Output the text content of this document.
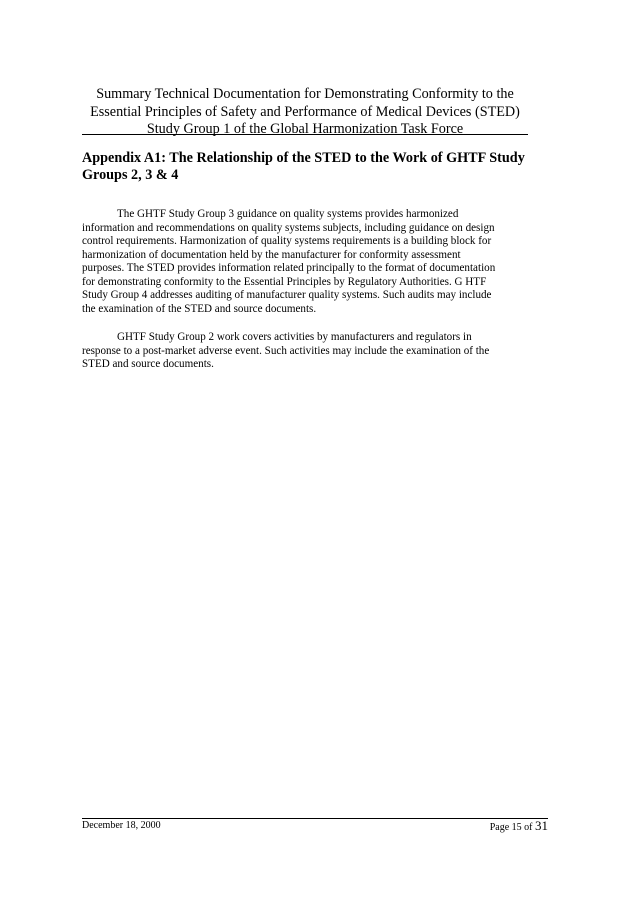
Summary Technical Documentation for Demonstrating Conformity to the
Essential Principles of Safety and Performance of Medical Devices (STED)
Study Group 1 of the Global Harmonization Task Force
Appendix A1: The Relationship of the STED to the Work of GHTF Study
Groups 2, 3 & 4

The GHTF Study Group 3 guidance on quality systems provides harmonized
information and recommendations on quality systems subjects, including guidance on design
control requirements. Harmonization of quality systems requirements is a building block for
harmonization of documentation held by the manufacturer for conformity assessment
purposes. The STED provides information related principally to the format of documentation
for demonstrating conformity to the Essential Principles by Regulatory Authorities. G HTF
Study Group 4 addresses auditing of manufacturer quality systems. Such audits may include
the examination of the STED and source documents.

GHTF Study Group 2 work covers activities by manufacturers and regulators in
response to a post-market adverse event. Such activities may include the examination of the
STED and source documents.

December 18, 2000	Page 15 of 31
